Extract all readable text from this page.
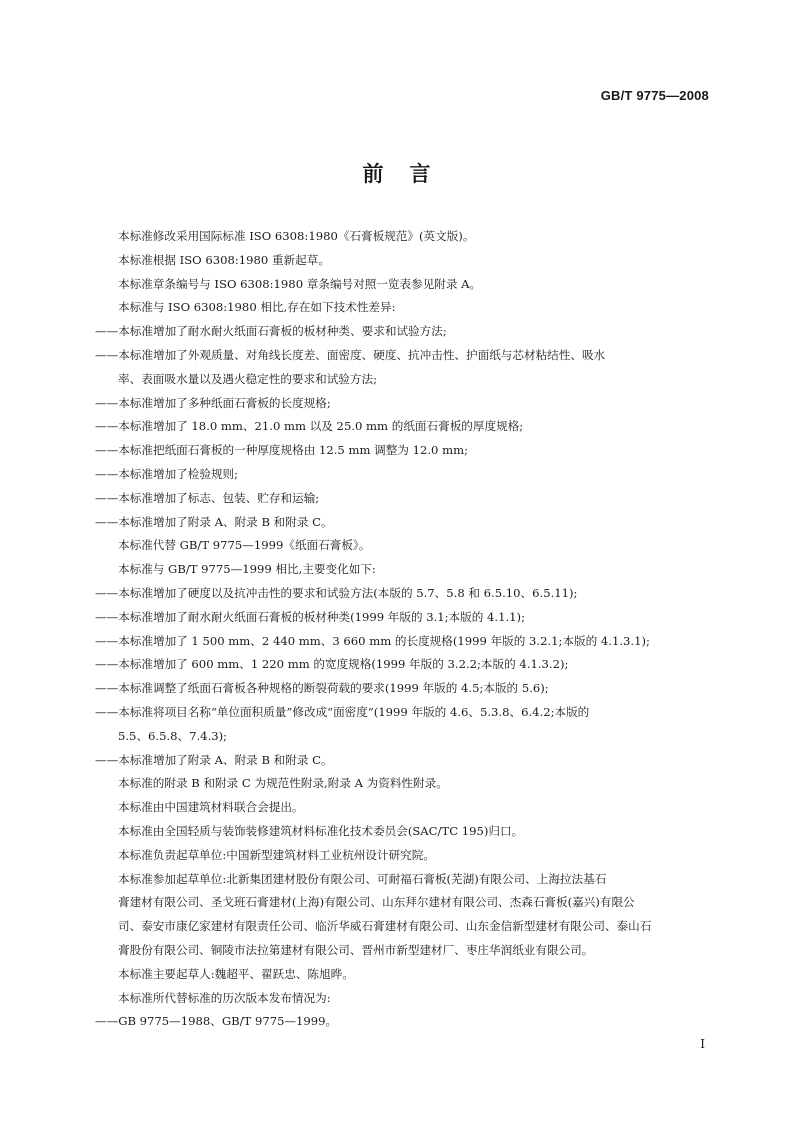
GB/T 9775—2008
前言

本标准修改采用国际标准 ISO 6308:1980《石膏板规范》(英文版)。

本标准根据 ISO 6308:1980 重新起草。

本标准章条编号与 ISO 6308:1980 章条编号对照一览表参见附录 A。

本标准与 ISO 6308:1980 相比,存在如下技术性差异:

——本标准增加了耐水耐火纸面石膏板的板材种类、要求和试验方法;

——本标准增加了外观质量、对角线长度差、面密度、硬度、抗冲击性、护面纸与芯材粘结性、吸水

率、表面吸水量以及遇火稳定性的要求和试验方法;

——本标准增加了多种纸面石膏板的长度规格;

——本标准增加了 18.0 mm、21.0 mm 以及 25.0 mm 的纸面石膏板的厚度规格;

——本标准把纸面石膏板的一种厚度规格由 12.5 mm 调整为 12.0 mm;

——本标准增加了检验规则;

——本标准增加了标志、包装、贮存和运输;

——本标准增加了附录 A、附录 B 和附录 C。

本标准代替 GB/T 9775—1999《纸面石膏板》。

本标准与 GB/T 9775—1999 相比,主要变化如下:

——本标准增加了硬度以及抗冲击性的要求和试验方法(本版的 5.7、5.8 和 6.5.10、6.5.11);

——本标准增加了耐水耐火纸面石膏板的板材种类(1999 年版的 3.1;本版的 4.1.1);

——本标准增加了 1 500 mm、2 440 mm、3 660 mm 的长度规格(1999 年版的 3.2.1;本版的 4.1.3.1);

——本标准增加了 600 mm、1 220 mm 的宽度规格(1999 年版的 3.2.2;本版的 4.1.3.2);

——本标准调整了纸面石膏板各种规格的断裂荷载的要求(1999 年版的 4.5;本版的 5.6);

——本标准将项目名称“单位面积质量”修改成“面密度”(1999 年版的 4.6、5.3.8、6.4.2;本版的

5.5、6.5.8、7.4.3);

——本标准增加了附录 A、附录 B 和附录 C。

本标准的附录 B 和附录 C 为规范性附录,附录 A 为资料性附录。

本标准由中国建筑材料联合会提出。

本标准由全国轻质与装饰装修建筑材料标准化技术委员会(SAC/TC 195)归口。

本标准负责起草单位:中国新型建筑材料工业杭州设计研究院。

本标准参加起草单位:北新集团建材股份有限公司、可耐福石膏板(芜湖)有限公司、上海拉法基石

膏建材有限公司、圣戈班石膏建材(上海)有限公司、山东拜尔建材有限公司、杰森石膏板(嘉兴)有限公

司、泰安市康亿家建材有限责任公司、临沂华威石膏建材有限公司、山东金信新型建材有限公司、泰山石

膏股份有限公司、铜陵市法拉第建材有限公司、晋州市新型建材厂、枣庄华润纸业有限公司。

本标准主要起草人:魏超平、翟跃忠、陈旭晔。

本标准所代替标准的历次版本发布情况为:

——GB 9775—1988、GB/T 9775—1999。

I
